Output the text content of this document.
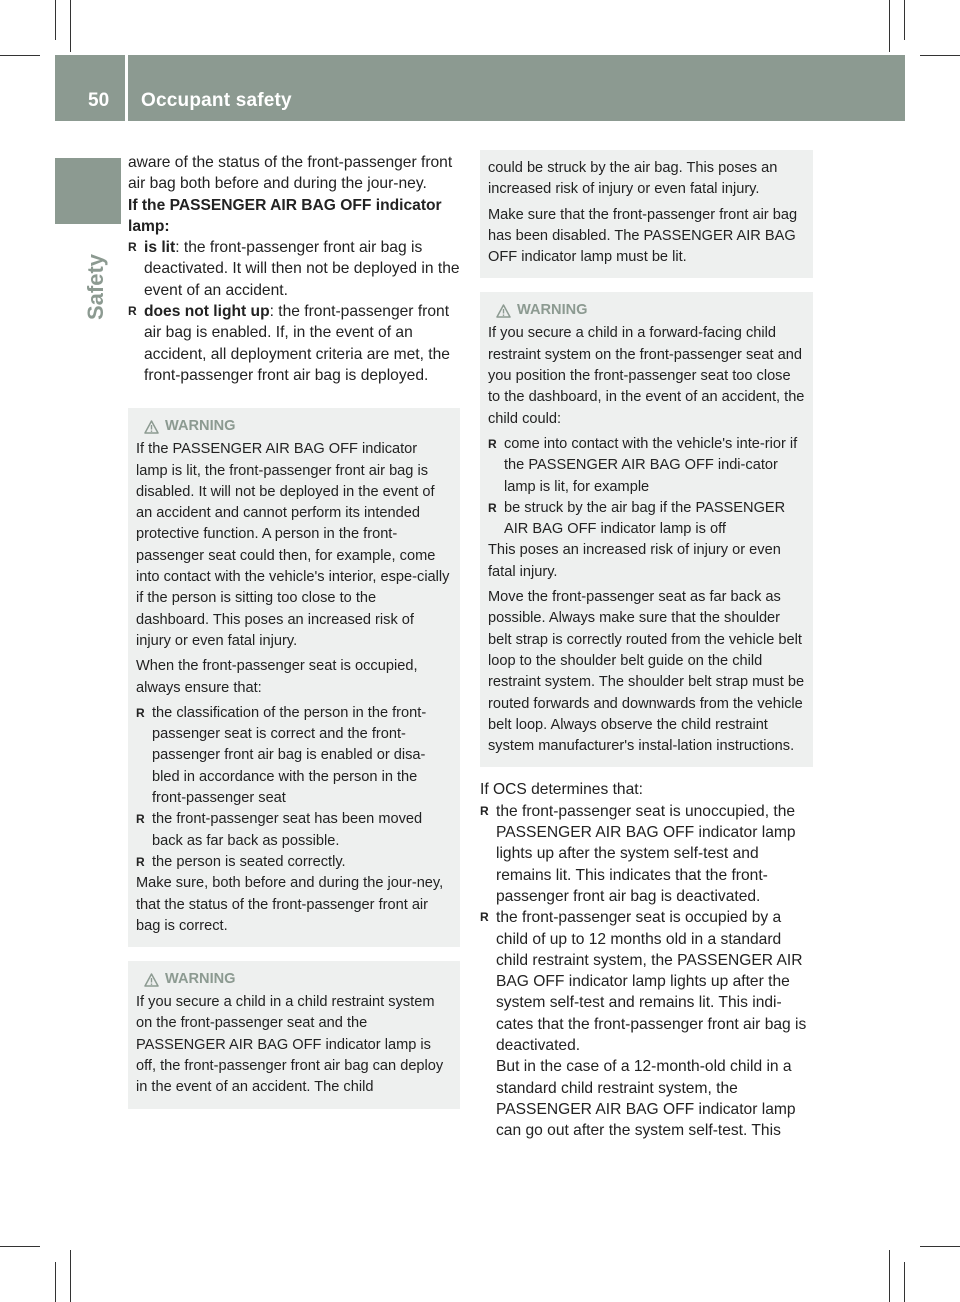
50 Occupant safety
Safety

aware of the status of the front-passenger front air bag both before and during the jour-ney.

If the PASSENGER AIR BAG OFF indicator lamp:

R is lit: the front-passenger front air bag is deactivated. It will then not be deployed in the event of an accident.
R does not light up: the front-passenger front air bag is enabled. If, in the event of an accident, all deployment criteria are met, the front-passenger front air bag is deployed.
WARNING

If the PASSENGER AIR BAG OFF indicator lamp is lit, the front-passenger front air bag is disabled. It will not be deployed in the event of an accident and cannot perform its intended protective function. A person in the front-passenger seat could then, for example, come into contact with the vehicle's interior, espe-cially if the person is sitting too close to the dashboard. This poses an increased risk of injury or even fatal injury.

When the front-passenger seat is occupied, always ensure that:

R the classification of the person in the front-passenger seat is correct and the front-passenger front air bag is enabled or disa-bled in accordance with the person in the front-passenger seat
R the front-passenger seat has been moved back as far back as possible.
R the person is seated correctly.

Make sure, both before and during the jour-ney, that the status of the front-passenger front air bag is correct.

WARNING

If you secure a child in a child restraint system on the front-passenger seat and the PASSENGER AIR BAG OFF indicator lamp is off, the front-passenger front air bag can deploy in the event of an accident. The child

could be struck by the air bag. This poses an increased risk of injury or even fatal injury.

Make sure that the front-passenger front air bag has been disabled. The PASSENGER AIR BAG OFF indicator lamp must be lit.

WARNING

If you secure a child in a forward-facing child restraint system on the front-passenger seat and you position the front-passenger seat too close to the dashboard, in the event of an accident, the child could:

R come into contact with the vehicle's inte-rior if the PASSENGER AIR BAG OFF indi-cator lamp is lit, for example
R be struck by the air bag if the PASSENGER AIR BAG OFF indicator lamp is off

This poses an increased risk of injury or even fatal injury.

Move the front-passenger seat as far back as possible. Always make sure that the shoulder belt strap is correctly routed from the vehicle belt loop to the shoulder belt guide on the child restraint system. The shoulder belt strap must be routed forwards and downwards from the vehicle belt loop. Always observe the child restraint system manufacturer's instal-lation instructions.

If OCS determines that:

R the front-passenger seat is unoccupied, the PASSENGER AIR BAG OFF indicator lamp lights up after the system self-test and remains lit. This indicates that the front-passenger front air bag is deactivated.
R the front-passenger seat is occupied by a child of up to 12 months old in a standard child restraint system, the PASSENGER AIR BAG OFF indicator lamp lights up after the system self-test and remains lit. This indi-cates that the front-passenger front air bag is deactivated.

But in the case of a 12-month-old child in a standard child restraint system, the PASSENGER AIR BAG OFF indicator lamp can go out after the system self-test. This
